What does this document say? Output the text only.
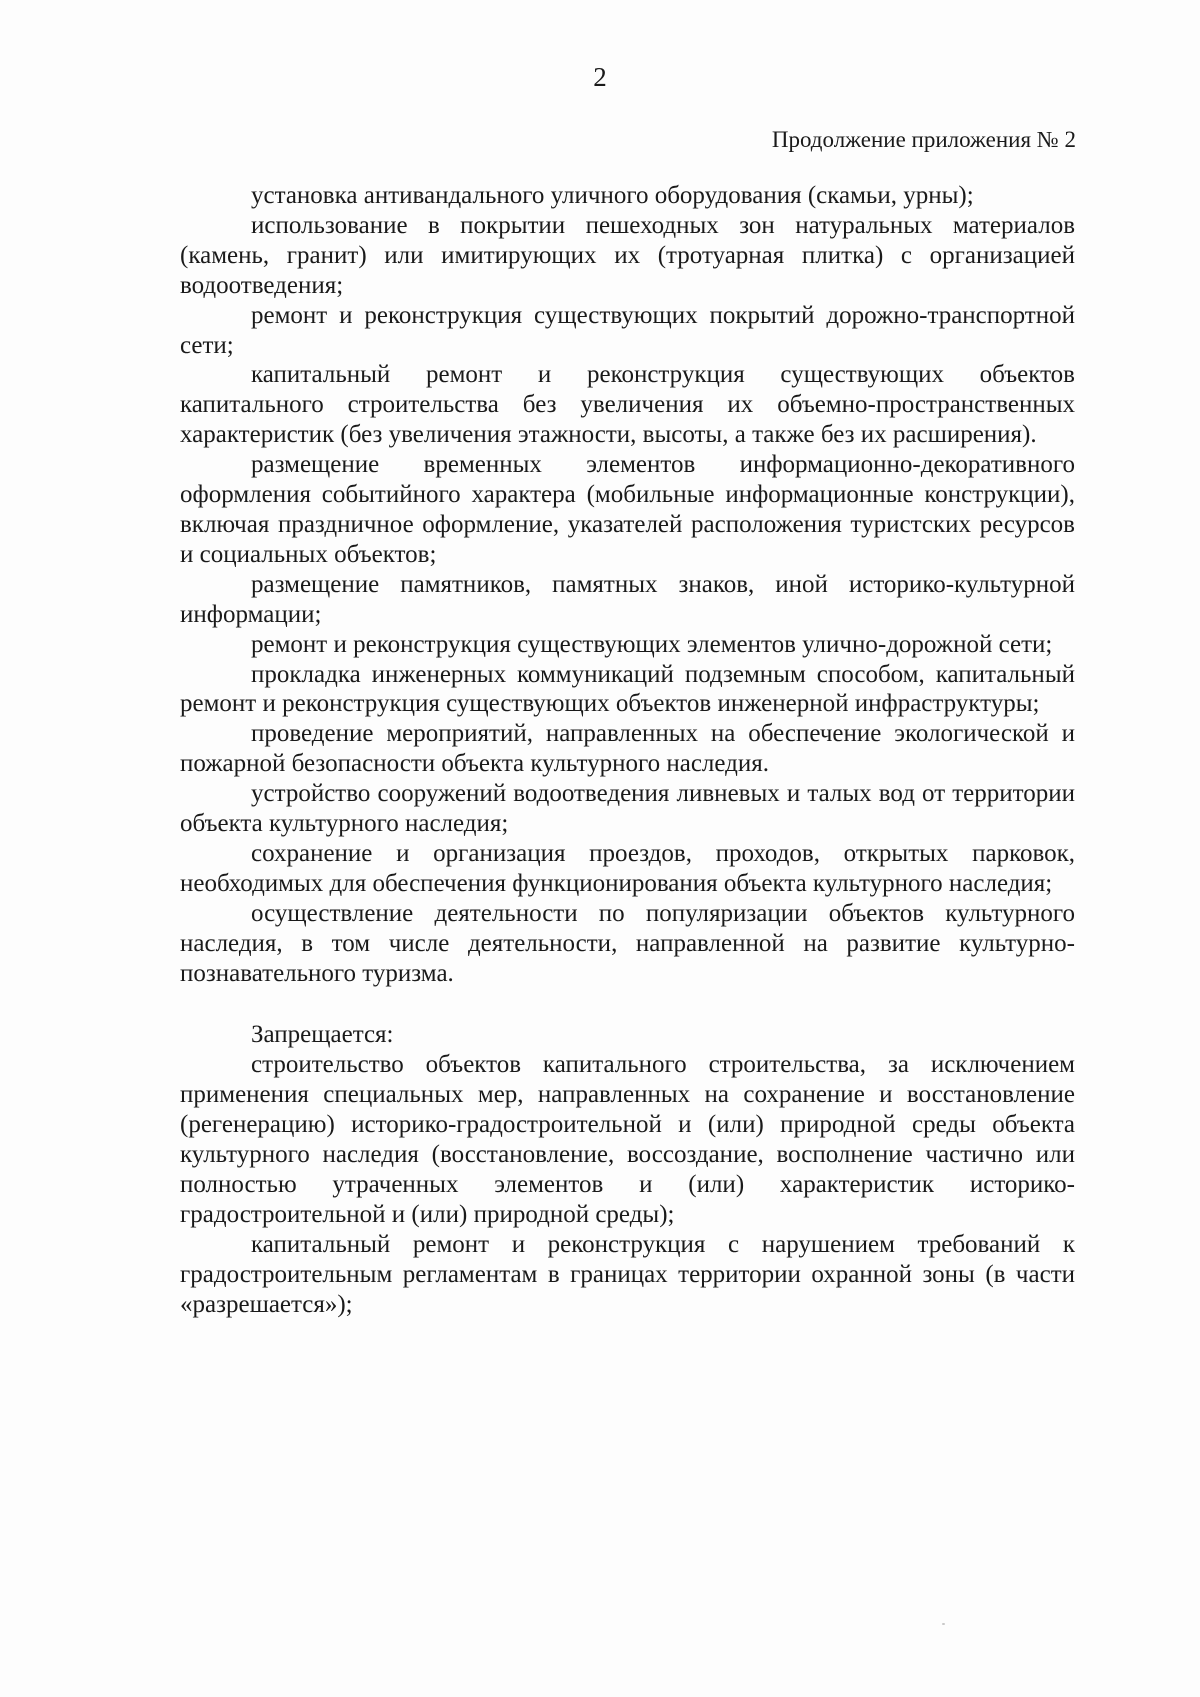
2
Продолжение приложения № 2

установка антивандального уличного оборудования (скамьи, урны);

использование в покрытии пешеходных зон натуральных материалов (камень, гранит) или имитирующих их (тротуарная плитка) с организацией водоотведения;

ремонт и реконструкция существующих покрытий дорожно-транспортной сети;

капитальный ремонт и реконструкция существующих объектов капитального строительства без увеличения их объемно-пространственных характеристик (без увеличения этажности, высоты, а также без их расширения).

размещение временных элементов информационно-декоративного оформления событийного характера (мобильные информационные конструкции), включая праздничное оформление, указателей расположения туристских ресурсов и социальных объектов;

размещение памятников, памятных знаков, иной историко-культурной информации;

ремонт и реконструкция существующих элементов улично-дорожной сети;

прокладка инженерных коммуникаций подземным способом, капитальный ремонт и реконструкция существующих объектов инженерной инфраструктуры;

проведение мероприятий, направленных на обеспечение экологической и пожарной безопасности объекта культурного наследия.

устройство сооружений водоотведения ливневых и талых вод от территории объекта культурного наследия;

сохранение и организация проездов, проходов, открытых парковок, необходимых для обеспечения функционирования объекта культурного наследия;

осуществление деятельности по популяризации объектов культурного наследия, в том числе деятельности, направленной на развитие культурно-познавательного туризма.

Запрещается:

строительство объектов капитального строительства, за исключением применения специальных мер, направленных на сохранение и восстановление (регенерацию) историко-градостроительной и (или) природной среды объекта культурного наследия (восстановление, воссоздание, восполнение частично или полностью утраченных элементов и (или) характеристик историко-градостроительной и (или) природной среды);

капитальный ремонт и реконструкция с нарушением требований к градостроительным регламентам в границах территории охранной зоны (в части «разрешается»);
